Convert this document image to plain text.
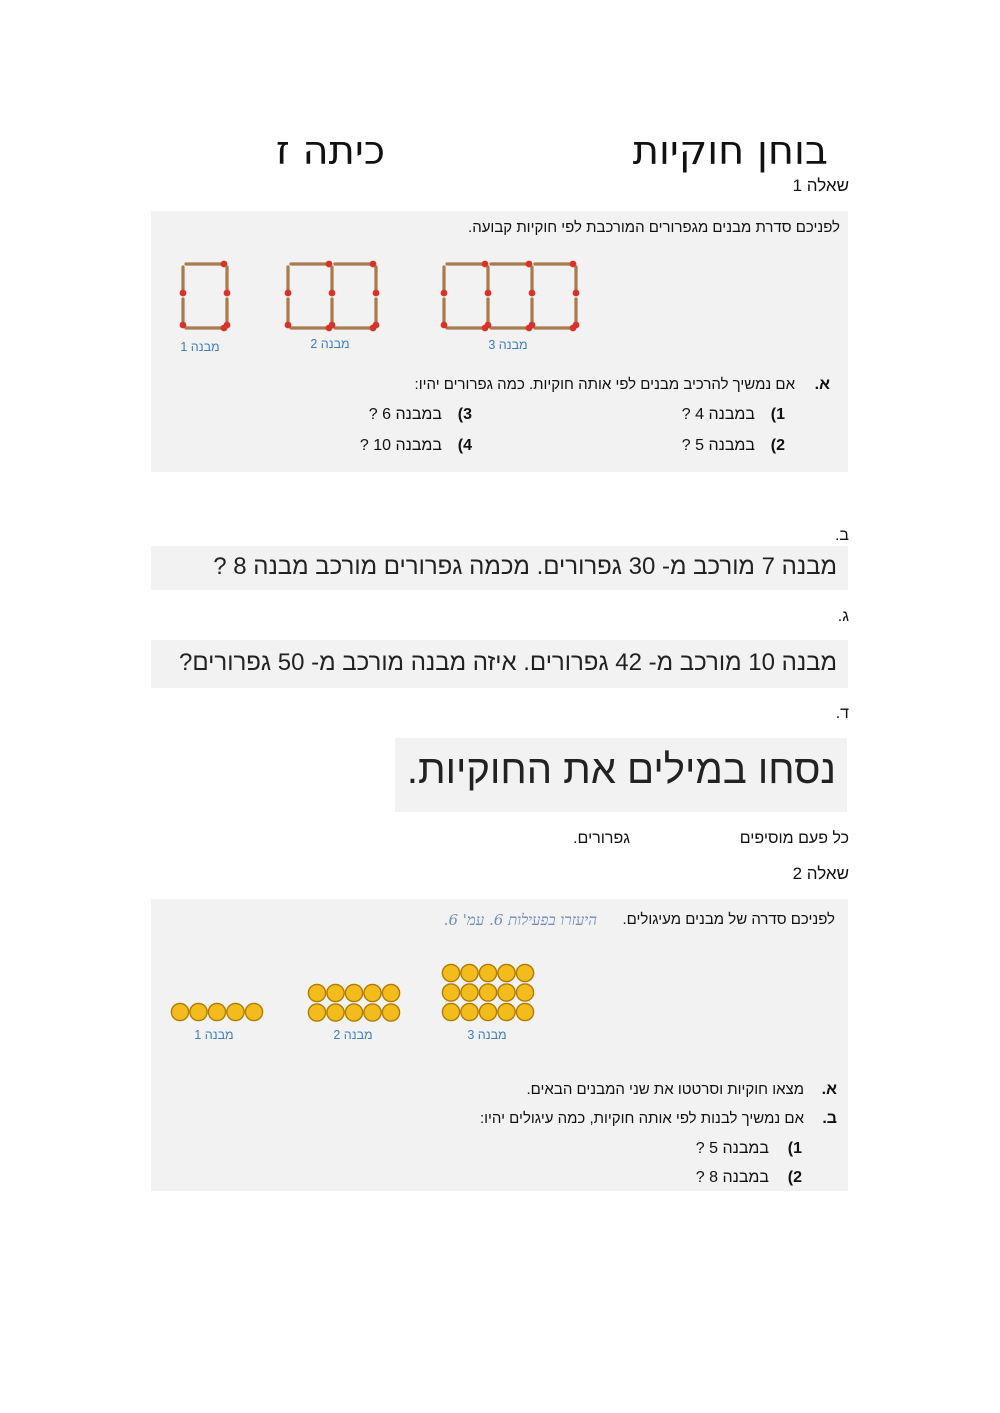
בוחן חוקיות
כיתה ז
שאלה 1
לפניכם סדרת מבנים מגפרורים המורכבת לפי חוקיות קבועה.
מבנה 1	מבנה 2	מבנה 3
א.
אם נמשיך להרכיב מבנים לפי אותה חוקיות. כמה גפרורים יהיו:
1)
במבנה 4 ?
2)
במבנה 5 ?
3)
במבנה 6 ?
4)
במבנה 10 ?
ב.
מבנה 7 מורכב מ- 30 גפרורים. מכמה גפרורים מורכב מבנה 8 ?
ג.
מבנה 10 מורכב מ- 42 גפרורים. איזה מבנה מורכב מ- 50 גפרורים?
ד.
נסחו במילים את החוקיות.
כל פעם מוסיפים
גפרורים.
שאלה 2
לפניכם סדרה של מבנים מעיגולים.
היעזרו בפעילות 6. עמ' 6.
מבנה 1	מבנה 2	מבנה 3
א.
מצאו חוקיות וסרטטו את שני המבנים הבאים.
ב.
אם נמשיך לבנות לפי אותה חוקיות, כמה עיגולים יהיו:
1)
במבנה 5 ?
2)
במבנה 8 ?
